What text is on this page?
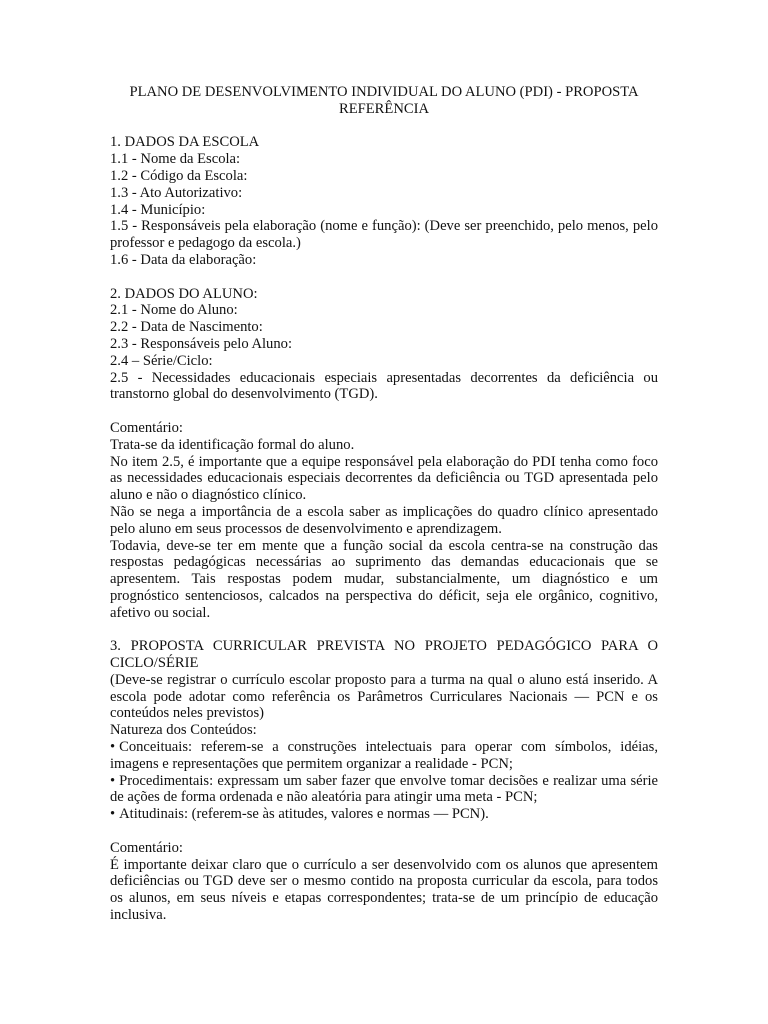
PLANO DE DESENVOLVIMENTO INDIVIDUAL DO ALUNO (PDI) - PROPOSTA REFERÊNCIA

1. DADOS DA ESCOLA

1.1 - Nome da Escola:

1.2 - Código da Escola:

1.3 - Ato Autorizativo:

1.4 - Município:

1.5 - Responsáveis pela elaboração (nome e função): (Deve ser preenchido, pelo menos, pelo professor e pedagogo da escola.)

1.6 - Data da elaboração:

2. DADOS DO ALUNO:

2.1 - Nome do Aluno:

2.2 - Data de Nascimento:

2.3 - Responsáveis pelo Aluno:

2.4 – Série/Ciclo:

2.5 - Necessidades educacionais especiais apresentadas decorrentes da deficiência ou transtorno global do desenvolvimento (TGD).

Comentário:

Trata-se da identificação formal do aluno.

No item 2.5, é importante que a equipe responsável pela elaboração do PDI tenha como foco as necessidades educacionais especiais decorrentes da deficiência ou TGD apresentada pelo aluno e não o diagnóstico clínico.

Não se nega a importância de a escola saber as implicações do quadro clínico apresentado pelo aluno em seus processos de desenvolvimento e aprendizagem.

Todavia, deve-se ter em mente que a função social da escola centra-se na construção das respostas pedagógicas necessárias ao suprimento das demandas educacionais que se apresentem. Tais respostas podem mudar, substancialmente, um diagnóstico e um prognóstico sentenciosos, calcados na perspectiva do déficit, seja ele orgânico, cognitivo, afetivo ou social.

3. PROPOSTA CURRICULAR PREVISTA NO PROJETO PEDAGÓGICO PARA O CICLO/SÉRIE

(Deve-se registrar o currículo escolar proposto para a turma na qual o aluno está inserido. A escola pode adotar como referência os Parâmetros Curriculares Nacionais — PCN e os conteúdos neles previstos)

Natureza dos Conteúdos:

• Conceituais: referem-se a construções intelectuais para operar com símbolos, idéias, imagens e representações que permitem organizar a realidade - PCN;

• Procedimentais: expressam um saber fazer que envolve tomar decisões e realizar uma série de ações de forma ordenada e não aleatória para atingir uma meta - PCN;

• Atitudinais: (referem-se às atitudes, valores e normas — PCN).

Comentário:

É importante deixar claro que o currículo a ser desenvolvido com os alunos que apresentem deficiências ou TGD deve ser o mesmo contido na proposta curricular da escola, para todos os alunos, em seus níveis e etapas correspondentes; trata-se de um princípio de educação inclusiva.
